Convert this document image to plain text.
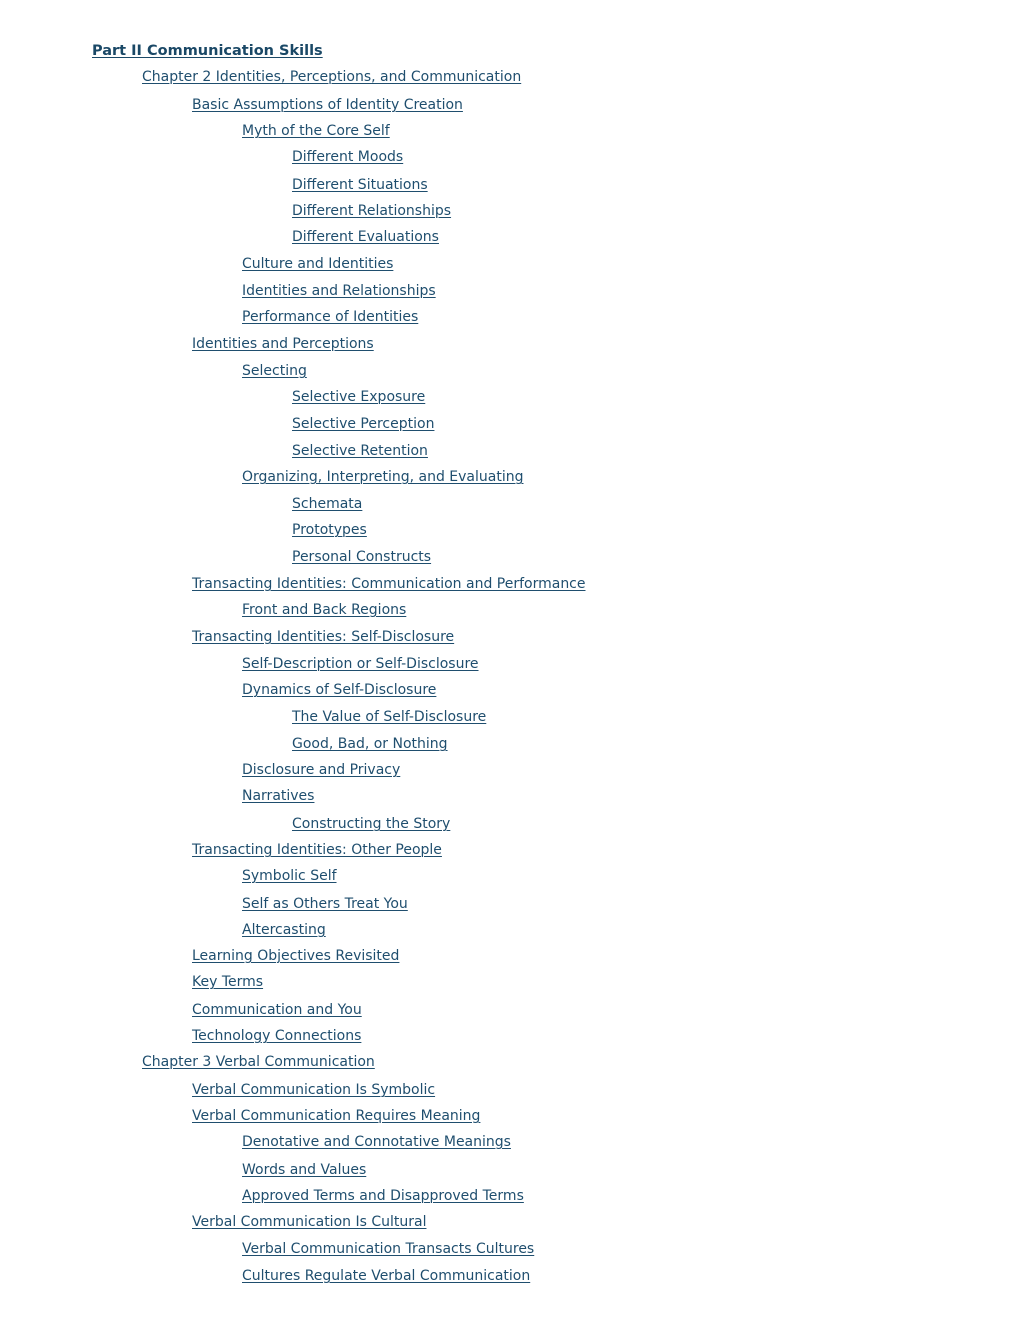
Part II Communication Skills
Chapter 2 Identities, Perceptions, and Communication
Basic Assumptions of Identity Creation
Myth of the Core Self
Different Moods
Different Situations
Different Relationships
Different Evaluations
Culture and Identities
Identities and Relationships
Performance of Identities
Identities and Perceptions
Selecting
Selective Exposure
Selective Perception
Selective Retention
Organizing, Interpreting, and Evaluating
Schemata
Prototypes
Personal Constructs
Transacting Identities: Communication and Performance
Front and Back Regions
Transacting Identities: Self-Disclosure
Self-Description or Self-Disclosure
Dynamics of Self-Disclosure
The Value of Self-Disclosure
Good, Bad, or Nothing
Disclosure and Privacy
Narratives
Constructing the Story
Transacting Identities: Other People
Symbolic Self
Self as Others Treat You
Altercasting
Learning Objectives Revisited
Key Terms
Communication and You
Technology Connections
Chapter 3 Verbal Communication
Verbal Communication Is Symbolic
Verbal Communication Requires Meaning
Denotative and Connotative Meanings
Words and Values
Approved Terms and Disapproved Terms
Verbal Communication Is Cultural
Verbal Communication Transacts Cultures
Cultures Regulate Verbal Communication
